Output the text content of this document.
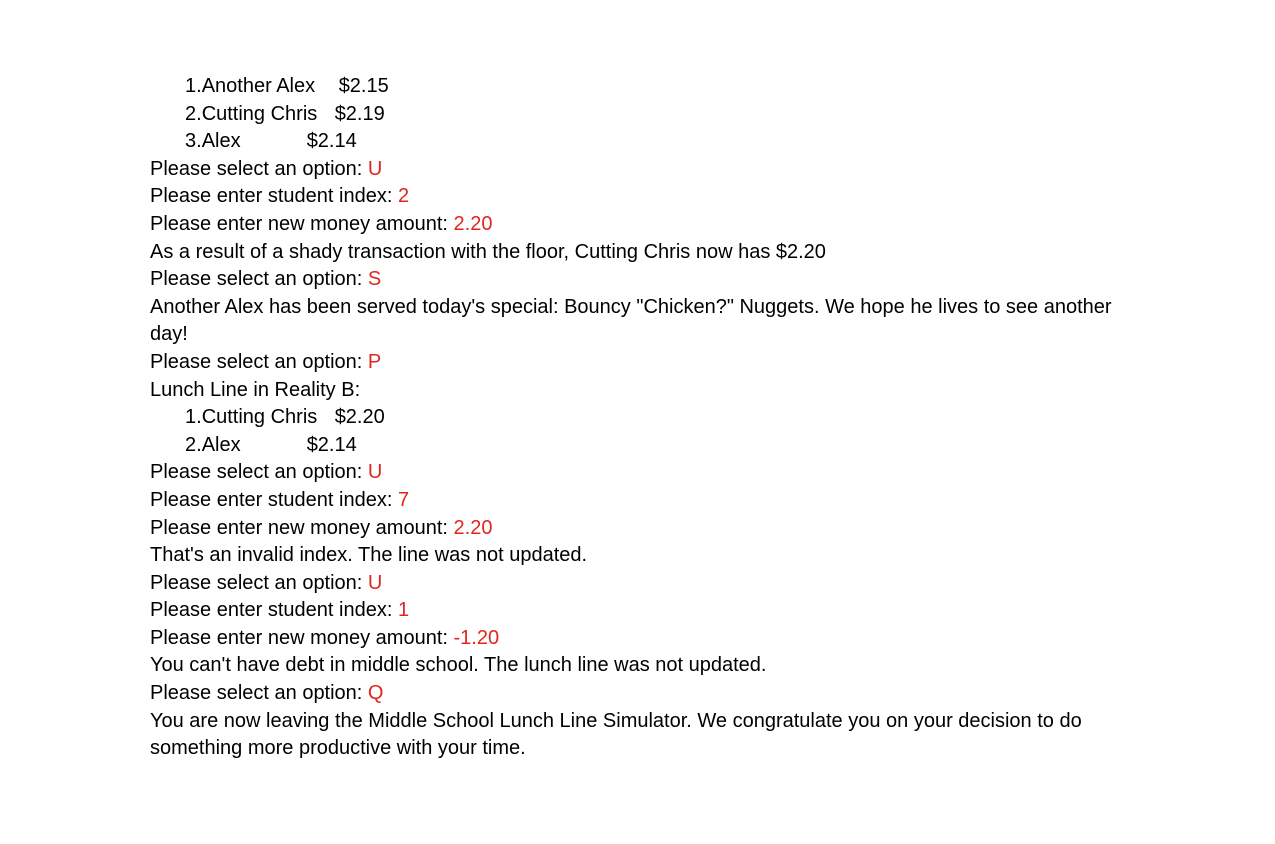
1.Another Alex $2.15
2.Cutting Chris $2.19
3.Alex	$2.14
Please select an option: U
Please enter student index: 2
Please enter new money amount: 2.20
As a result of a shady transaction with the floor, Cutting Chris now has $2.20
Please select an option: S
Another Alex has been served today's special: Bouncy "Chicken?" Nuggets. We hope he lives to see another day!
Please select an option: P
Lunch Line in Reality B:
1.Cutting Chris $2.20
2.Alex	$2.14
Please select an option: U
Please enter student index: 7
Please enter new money amount: 2.20
That's an invalid index. The line was not updated.
Please select an option: U
Please enter student index: 1
Please enter new money amount: -1.20
You can't have debt in middle school. The lunch line was not updated.
Please select an option: Q
You are now leaving the Middle School Lunch Line Simulator. We congratulate you on your decision to do something more productive with your time.
